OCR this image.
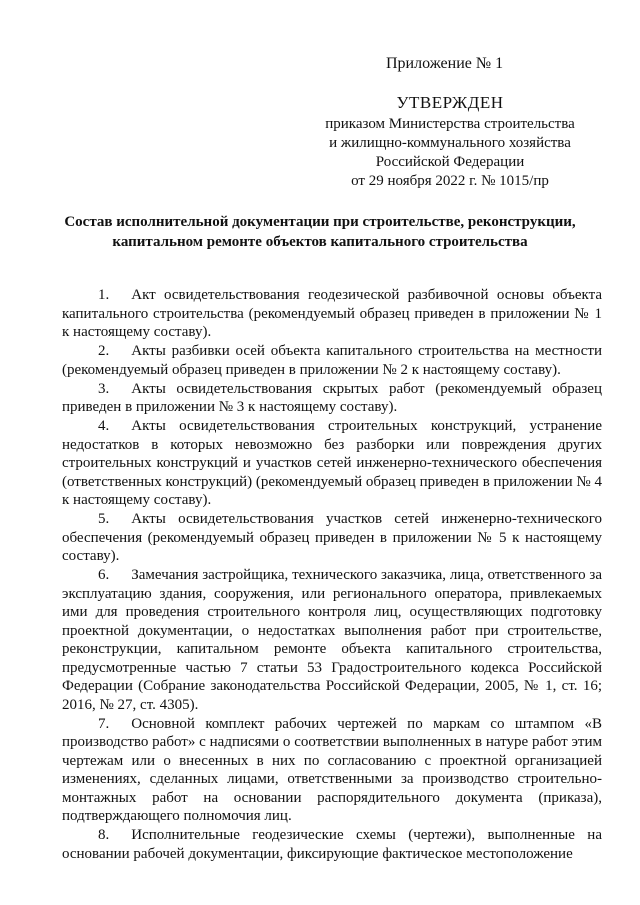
Приложение № 1
УТВЕРЖДЕН
приказом Министерства строительства
и жилищно-коммунального хозяйства
Российской Федерации
от 29 ноября 2022 г. № 1015/пр
Состав исполнительной документации при строительстве, реконструкции,
капитальном ремонте объектов капитального строительства

1. Акт освидетельствования геодезической разбивочной основы объекта капитального строительства (рекомендуемый образец приведен в приложении № 1 к настоящему составу).

2. Акты разбивки осей объекта капитального строительства на местности (рекомендуемый образец приведен в приложении № 2 к настоящему составу).

3. Акты освидетельствования скрытых работ (рекомендуемый образец приведен в приложении № 3 к настоящему составу).

4. Акты освидетельствования строительных конструкций, устранение недостатков в которых невозможно без разборки или повреждения других строительных конструкций и участков сетей инженерно-технического обеспечения (ответственных конструкций) (рекомендуемый образец приведен в приложении № 4 к настоящему составу).

5. Акты освидетельствования участков сетей инженерно-технического обеспечения (рекомендуемый образец приведен в приложении № 5 к настоящему составу).

6. Замечания застройщика, технического заказчика, лица, ответственного за эксплуатацию здания, сооружения, или регионального оператора, привлекаемых ими для проведения строительного контроля лиц, осуществляющих подготовку проектной документации, о недостатках выполнения работ при строительстве, реконструкции, капитальном ремонте объекта капитального строительства, предусмотренные частью 7 статьи 53 Градостроительного кодекса Российской Федерации (Собрание законодательства Российской Федерации, 2005, № 1, ст. 16; 2016, № 27, ст. 4305).

7. Основной комплект рабочих чертежей по маркам со штампом «В производство работ» с надписями о соответствии выполненных в натуре работ этим чертежам или о внесенных в них по согласованию с проектной организацией изменениях, сделанных лицами, ответственными за производство строительно-монтажных работ на основании распорядительного документа (приказа), подтверждающего полномочия лиц.

8. Исполнительные геодезические схемы (чертежи), выполненные на основании рабочей документации, фиксирующие фактическое местоположение
